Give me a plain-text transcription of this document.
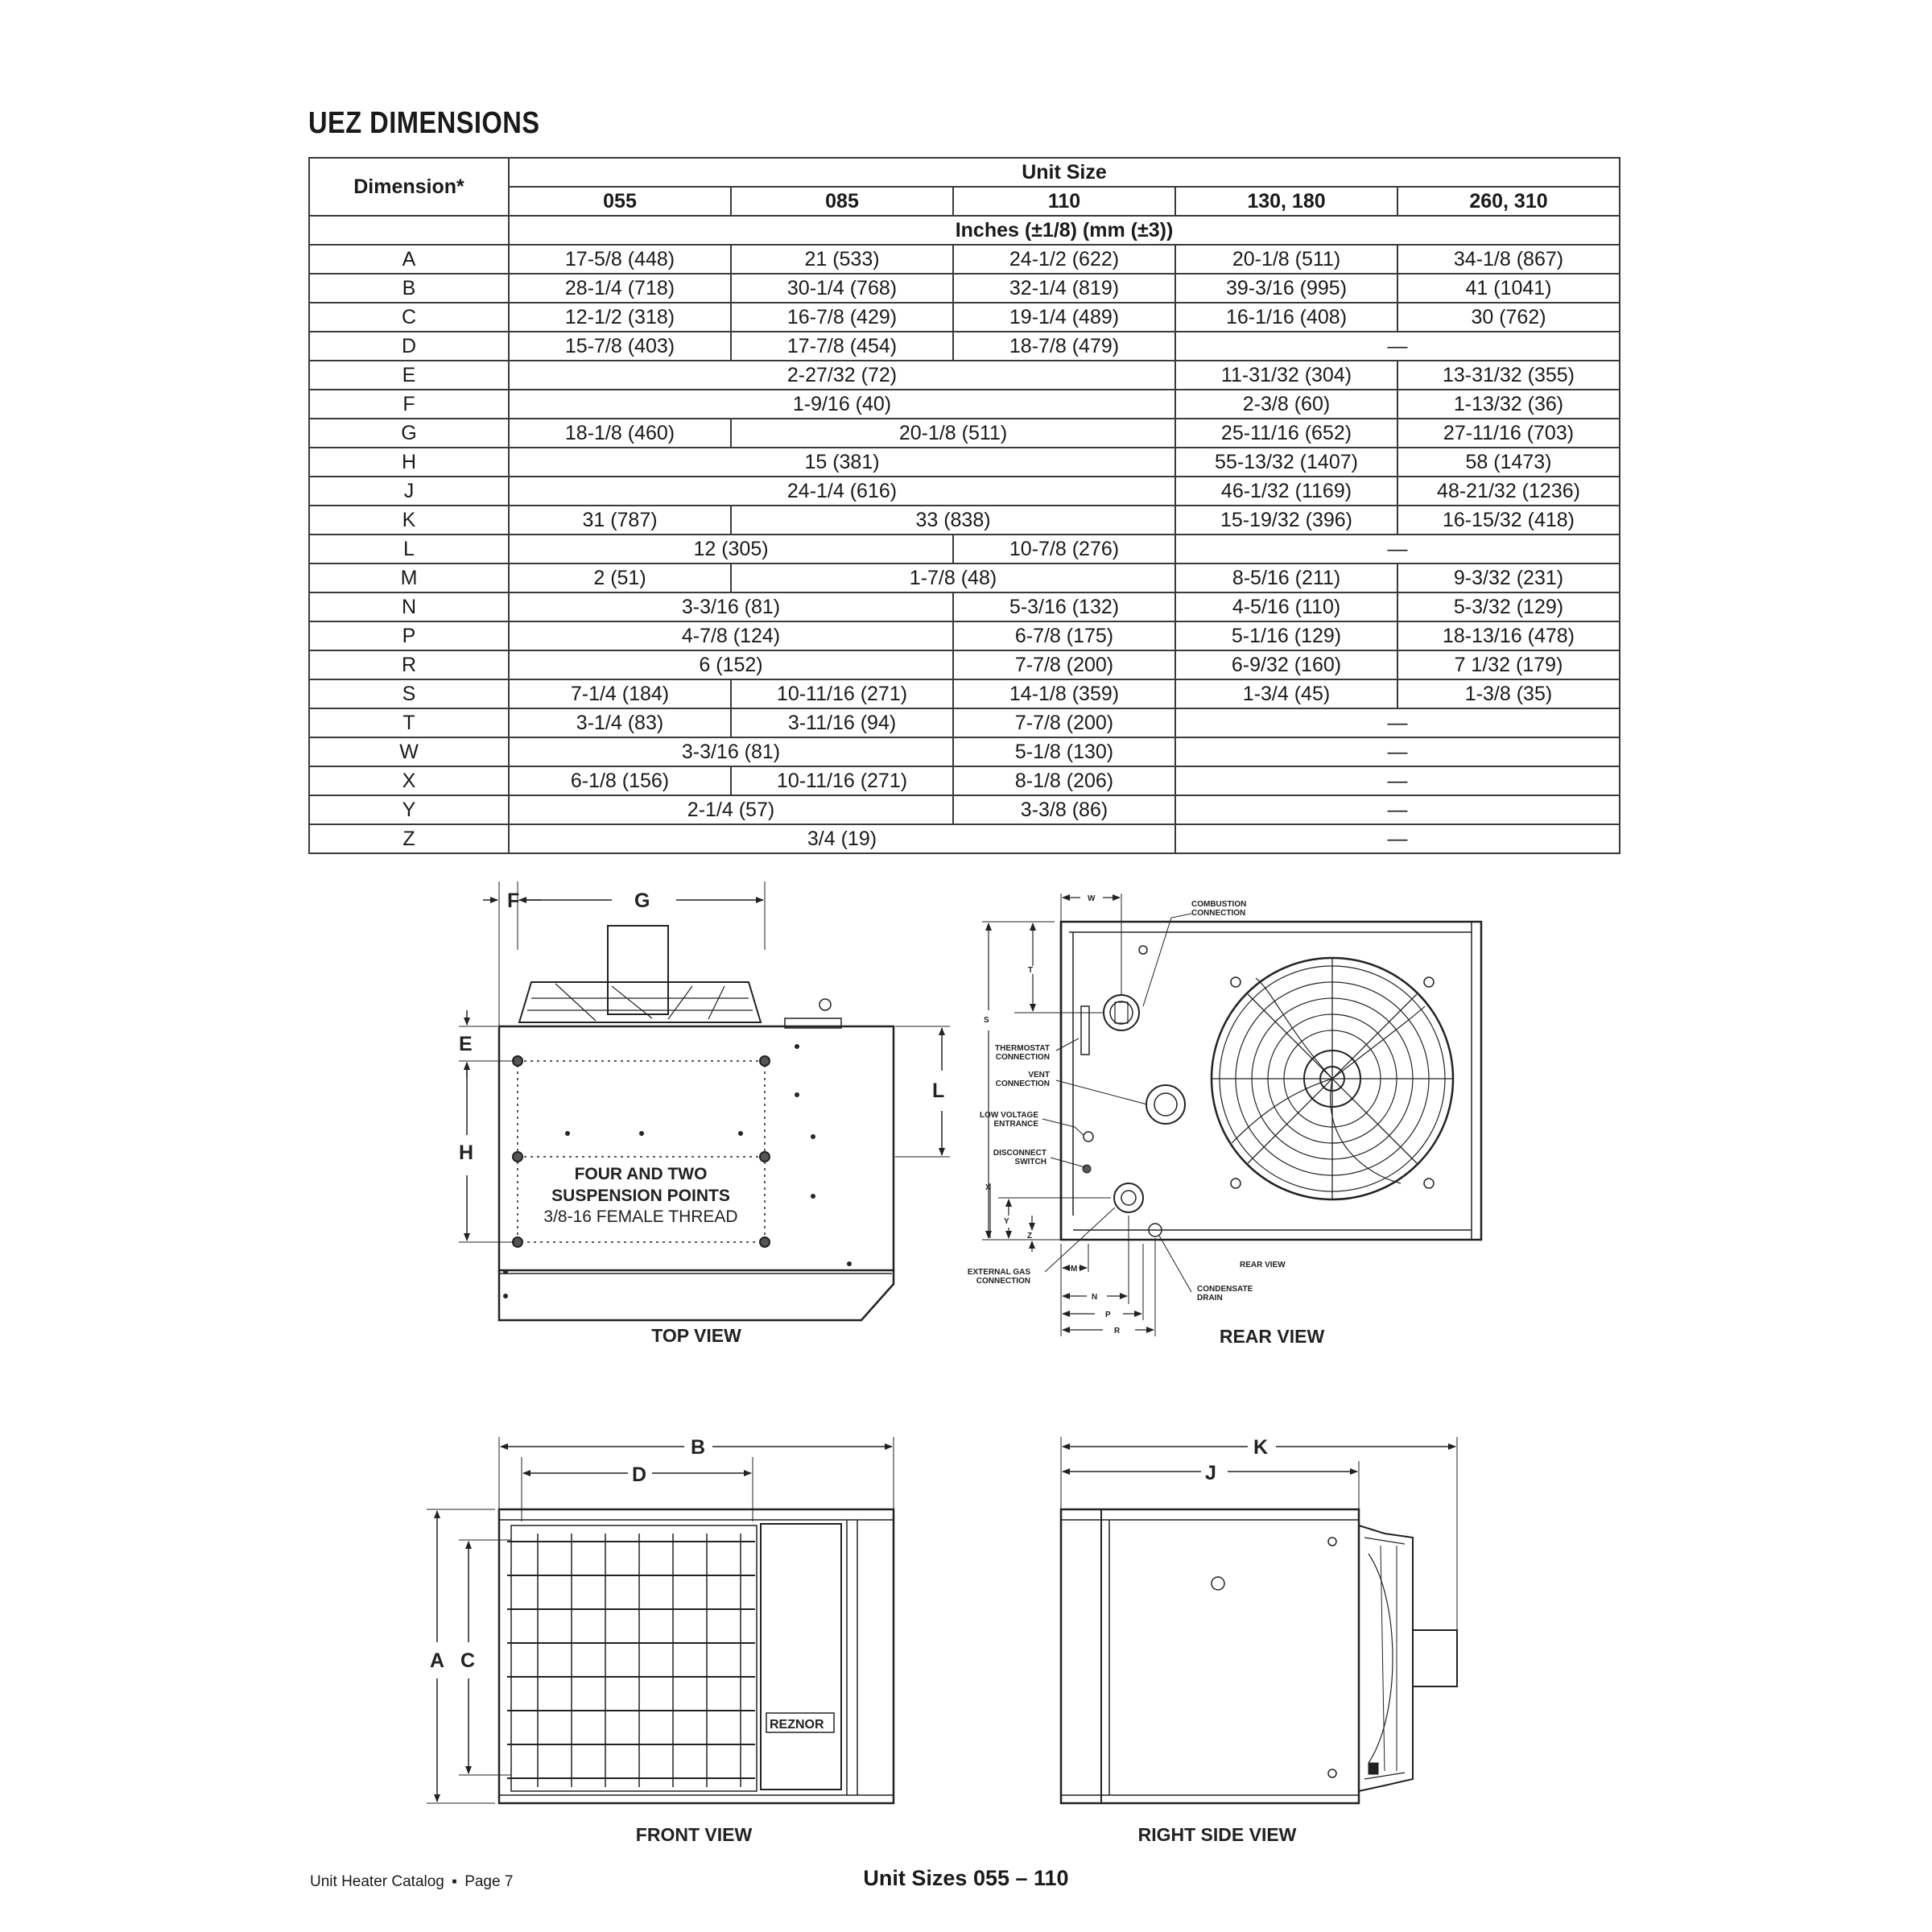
UEZ DIMENSIONS
Dimension*	Unit Size				
	055	085	110	130, 180	260, 310
	Inches (±1/8) (mm (±3))				
A	17-5/8 (448)	21 (533)	24-1/2 (622)	20-1/8 (511)	34-1/8 (867)
B	28-1/4 (718)	30-1/4 (768)	32-1/4 (819)	39-3/16 (995)	41 (1041)
C	12-1/2 (318)	16-7/8 (429)	19-1/4 (489)	16-1/16 (408)	30 (762)
D	15-7/8 (403)	17-7/8 (454)	18-7/8 (479)	—	
E	2-27/32 (72)			11-31/32 (304)	13-31/32 (355)
F	1-9/16 (40)			2-3/8 (60)	1-13/32 (36)
G	18-1/8 (460)	20-1/8 (511)		25-11/16 (652)	27-11/16 (703)
H	15 (381)			55-13/32 (1407)	58 (1473)
J	24-1/4 (616)			46-1/32 (1169)	48-21/32 (1236)
K	31 (787)	33 (838)		15-19/32 (396)	16-15/32 (418)
L	12 (305)		10-7/8 (276)	—	
M	2 (51)	1-7/8 (48)		8-5/16 (211)	9-3/32 (231)
N	3-3/16 (81)		5-3/16 (132)	4-5/16 (110)	5-3/32 (129)
P	4-7/8 (124)		6-7/8 (175)	5-1/16 (129)	18-13/16 (478)
R	6 (152)		7-7/8 (200)	6-9/32 (160)	7 1/32 (179)
S	7-1/4 (184)	10-11/16 (271)	14-1/8 (359)	1-3/4 (45)	1-3/8 (35)
T	3-1/4 (83)	3-11/16 (94)	7-7/8 (200)	—	
W	3-3/16 (81)		5-1/8 (130)	—	
X	6-1/8 (156)	10-11/16 (271)	8-1/8 (206)	—	
Y	2-1/4 (57)		3-3/8 (86)	—	
Z	3/4 (19)			—	
F	G
E
H
L
FOUR AND TWO
SUSPENSION POINTS
3/8-16 FEMALE THREAD
TOP VIEW
COMBUSTION
CONNECTION
THERMOSTAT
CONNECTION
VENT
CONNECTION
LOW VOLTAGE
ENTRANCE
DISCONNECT
SWITCH
EXTERNAL GAS
CONNECTION
CONDENSATE
DRAIN
REAR VIEW
W
T
S
X
Y
Z
M
N
P
R	REAR VIEW
REZNOR
B
D
A C
FRONT VIEW
K
J
RIGHT SIDE VIEW
Unit Heater Catalog ▪ Page 7	Unit Sizes 055 – 110
